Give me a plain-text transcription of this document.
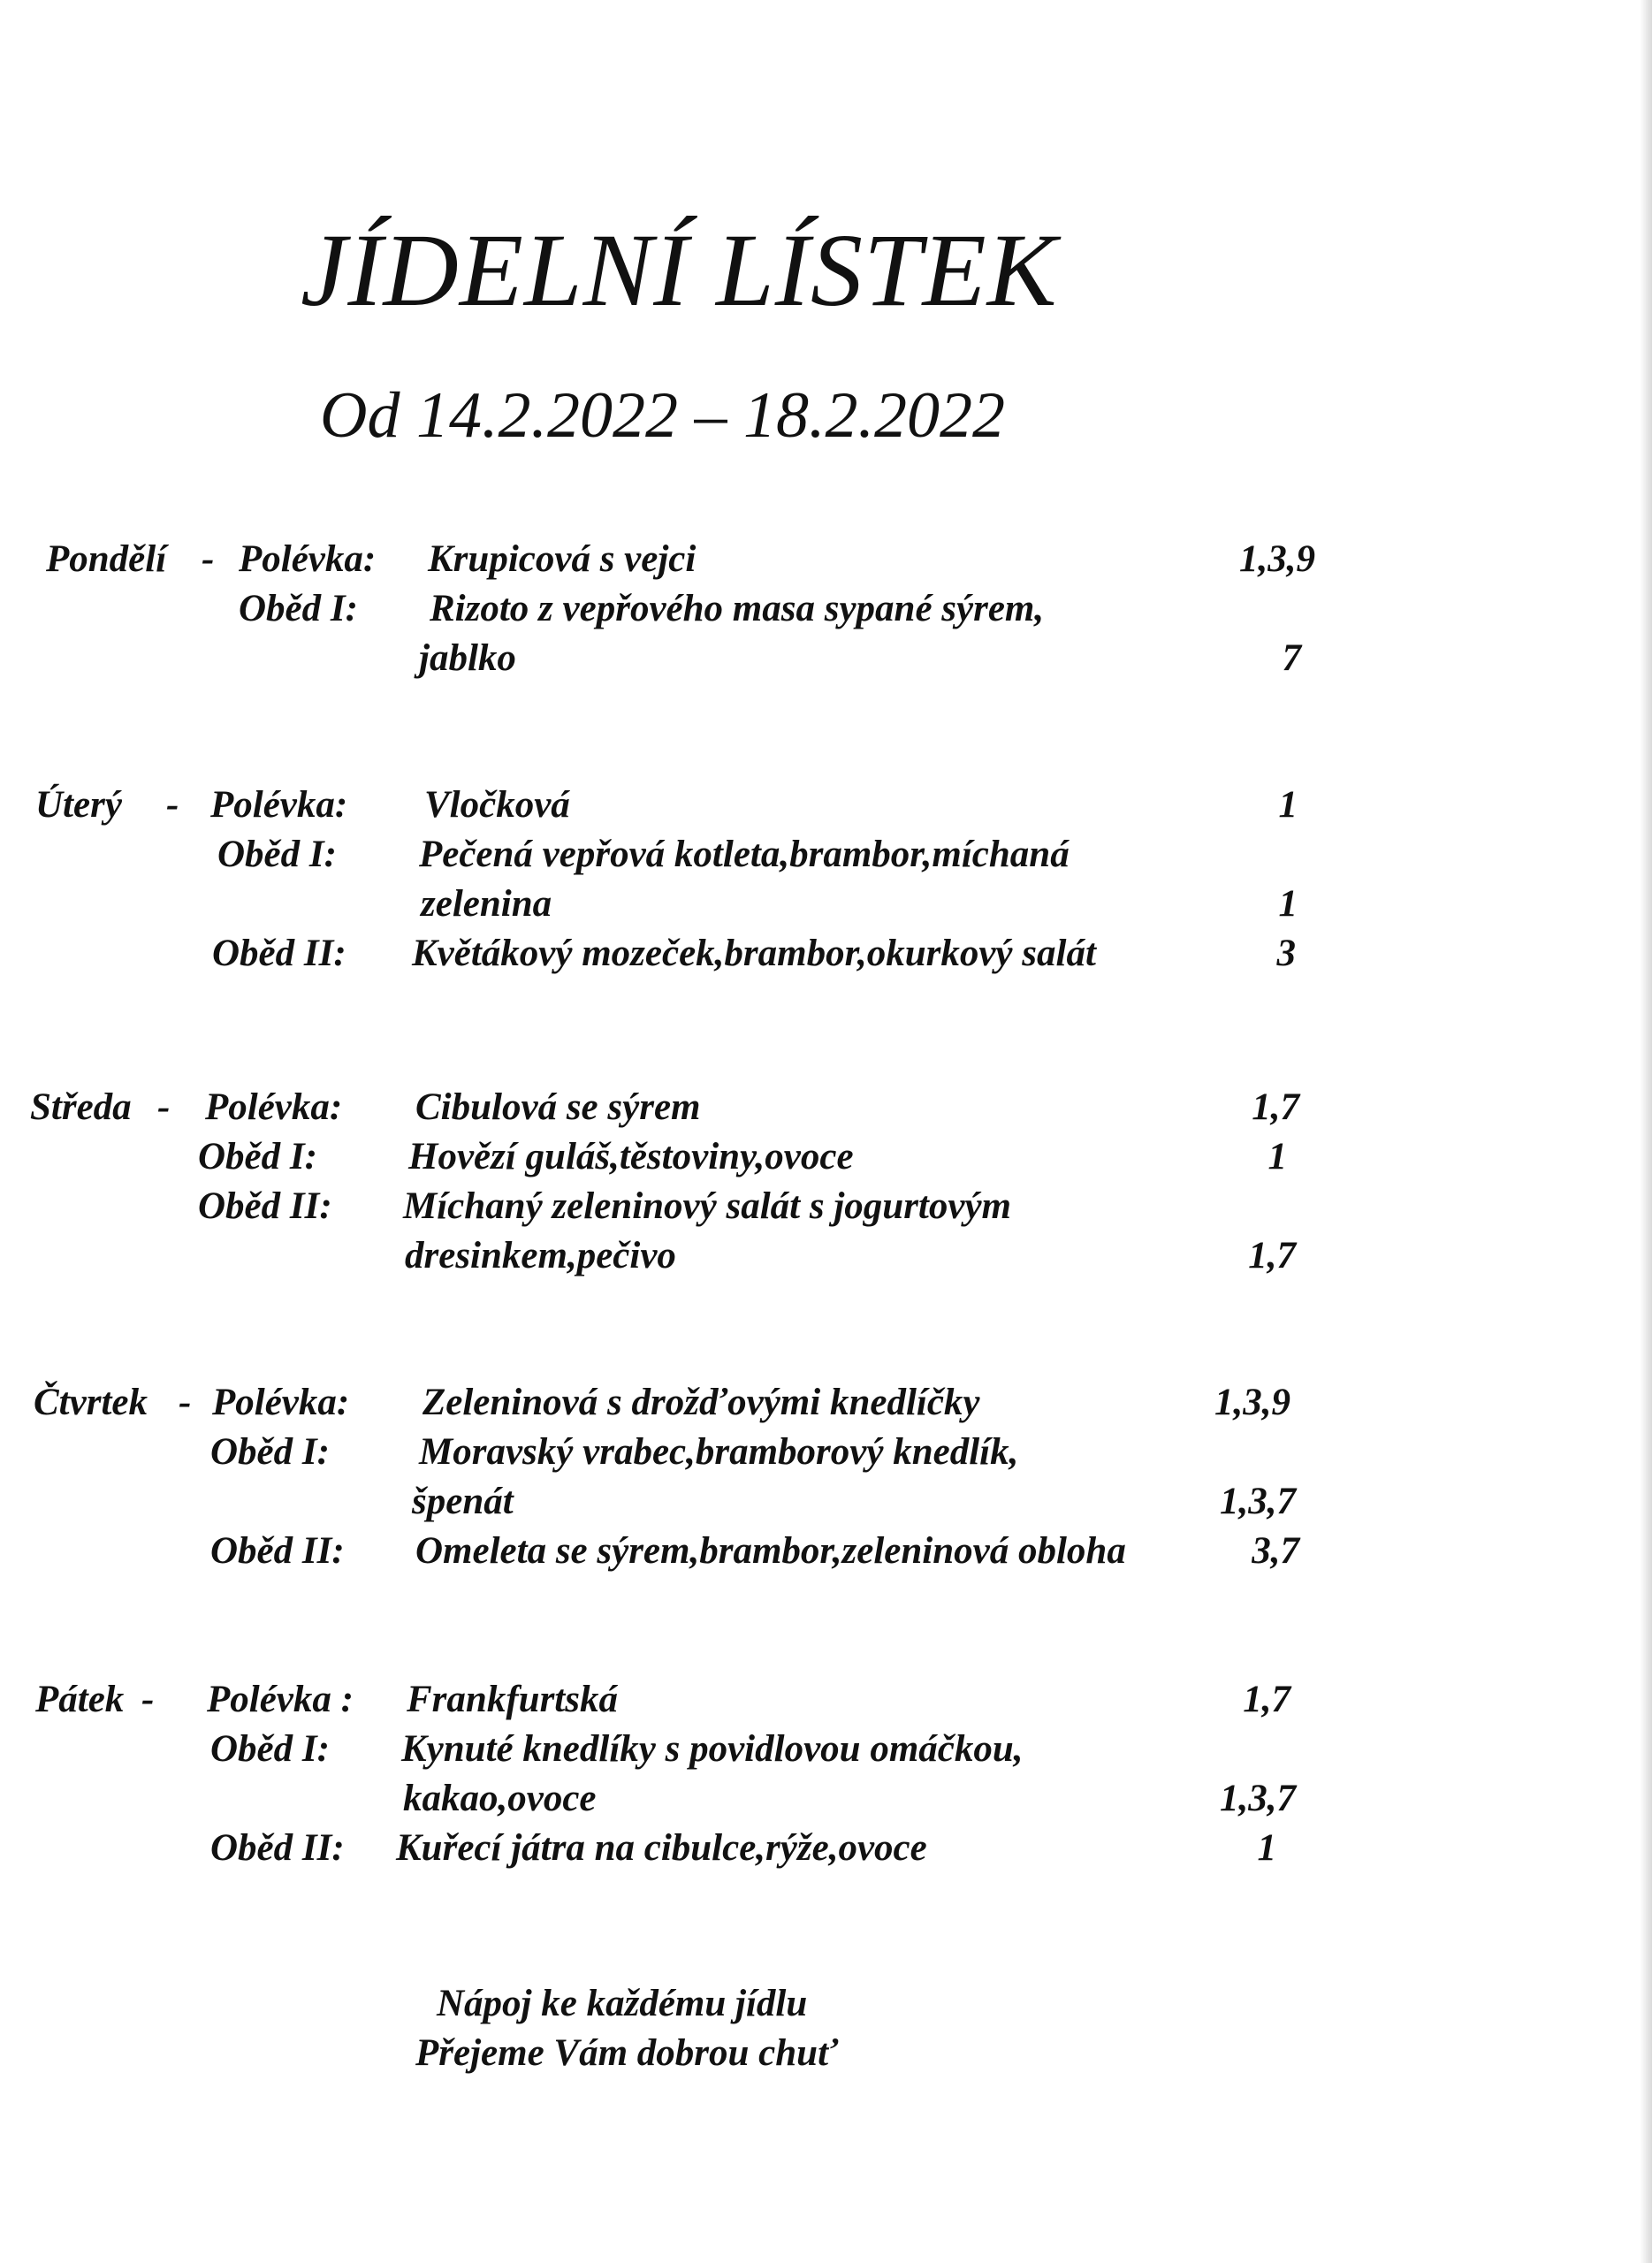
JÍDELNÍ LÍSTEK
Od 14.2.2022 – 18.2.2022
Pondělí - Polévka: Krupicová s vejci	1,3,9
Oběd I: Rizoto z vepřového masa sypané sýrem,
jablko	7
Úterý - Polévka: Vločková	1
Oběd I: Pečená vepřová kotleta,brambor,míchaná
zelenina	1
Oběd II: Květákový mozeček,brambor,okurkový salát	3
Středa - Polévka: Cibulová se sýrem	1,7
Oběd I: Hovězí guláš,těstoviny,ovoce	1
Oběd II: Míchaný zeleninový salát s jogurtovým
dresinkem,pečivo	1,7
Čtvrtek - Polévka: Zeleninová s drožďovými knedlíčky	1,3,9
Oběd I: Moravský vrabec,bramborový knedlík,
špenát	1,3,7
Oběd II: Omeleta se sýrem,brambor,zeleninová obloha	3,7
Pátek - Polévka : Frankfurtská	1,7
Oběd I: Kynuté knedlíky s povidlovou omáčkou,
kakao,ovoce	1,3,7
Oběd II: Kuřecí játra na cibulce,rýže,ovoce	1
Nápoj ke každému jídlu
Přejeme Vám dobrou chuť
